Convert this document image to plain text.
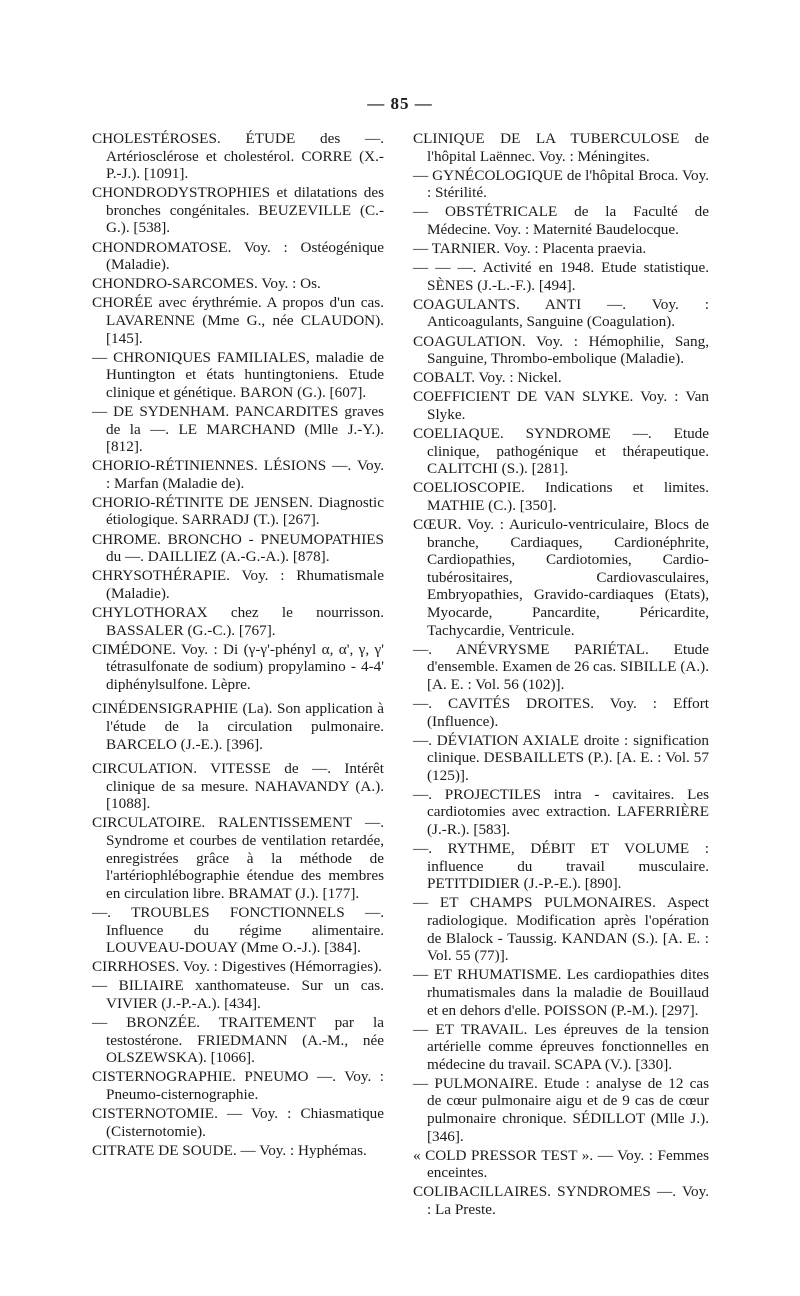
— 85 —

CHOLESTÉROSES. ÉTUDE des —. Artériosclérose et cholestérol. CORRE (X.-P.-J.). [1091].

CHONDRODYSTROPHIES et dilatations des bronches congénitales. BEUZEVILLE (C.-G.). [538].

CHONDROMATOSE. Voy. : Ostéogénique (Maladie).

CHONDRO-SARCOMES. Voy. : Os.

CHORÉE avec érythrémie. A propos d'un cas. LAVARENNE (Mme G., née CLAUDON). [145].

— CHRONIQUES FAMILIALES, maladie de Huntington et états huntingtoniens. Etude clinique et génétique. BARON (G.). [607].

— DE SYDENHAM. PANCARDITES graves de la —. LE MARCHAND (Mlle J.-Y.). [812].

CHORIO-RÉTINIENNES. LÉSIONS —. Voy. : Marfan (Maladie de).

CHORIO-RÉTINITE DE JENSEN. Diagnostic étiologique. SARRADJ (T.). [267].

CHROME. BRONCHO - PNEUMOPATHIES du —. DAILLIEZ (A.-G.-A.). [878].

CHRYSOTHÉRAPIE. Voy. : Rhumatismale (Maladie).

CHYLOTHORAX chez le nourrisson. BASSALER (G.-C.). [767].

CIMÉDONE. Voy. : Di (γ-γ'-phényl α, α', γ, γ' tétrasulfonate de sodium) propylamino - 4-4' diphénylsulfone. Lèpre.

CINÉDENSIGRAPHIE (La). Son application à l'étude de la circulation pulmonaire. BARCELO (J.-E.). [396].

CIRCULATION. VITESSE de —. Intérêt clinique de sa mesure. NAHAVANDY (A.). [1088].

CIRCULATOIRE. RALENTISSEMENT —. Syndrome et courbes de ventilation retardée, enregistrées grâce à la méthode de l'artériophlébographie étendue des membres en circulation libre. BRAMAT (J.). [177].

—. TROUBLES FONCTIONNELS —. Influence du régime alimentaire. LOUVEAU-DOUAY (Mme O.-J.). [384].

CIRRHOSES. Voy. : Digestives (Hémorragies).

— BILIAIRE xanthomateuse. Sur un cas. VIVIER (J.-P.-A.). [434].

— BRONZÉE. TRAITEMENT par la testostérone. FRIEDMANN (A.-M., née OLSZEWSKA). [1066].

CISTERNOGRAPHIE. PNEUMO —. Voy. : Pneumo-cisternographie.

CISTERNOTOMIE. — Voy. : Chiasmatique (Cisternotomie).

CITRATE DE SOUDE. — Voy. : Hyphémas.

CLINIQUE DE LA TUBERCULOSE de l'hôpital Laënnec. Voy. : Méningites.

— GYNÉCOLOGIQUE de l'hôpital Broca. Voy. : Stérilité.

— OBSTÉTRICALE de la Faculté de Médecine. Voy. : Maternité Baudelocque.

— TARNIER. Voy. : Placenta praevia.

— — —. Activité en 1948. Etude statistique. SÈNES (J.-L.-F.). [494].

COAGULANTS. ANTI —. Voy. : Anticoagulants, Sanguine (Coagulation).

COAGULATION. Voy. : Hémophilie, Sang, Sanguine, Thrombo-embolique (Maladie).

COBALT. Voy. : Nickel.

COEFFICIENT DE VAN SLYKE. Voy. : Van Slyke.

COELIAQUE. SYNDROME —. Etude clinique, pathogénique et thérapeutique. CALITCHI (S.). [281].

COELIOSCOPIE. Indications et limites. MATHIE (C.). [350].

CŒUR. Voy. : Auriculo-ventriculaire, Blocs de branche, Cardiaques, Cardionéphrite, Cardiopathies, Cardiotomies, Cardio-tubérositaires, Cardiovasculaires, Embryopathies, Gravido-cardiaques (Etats), Myocarde, Pancardite, Péricardite, Tachycardie, Ventricule.

—. ANÉVRYSME PARIÉTAL. Etude d'ensemble. Examen de 26 cas. SIBILLE (A.). [A. E. : Vol. 56 (102)].

—. CAVITÉS DROITES. Voy. : Effort (Influence).

—. DÉVIATION AXIALE droite : signification clinique. DESBAILLETS (P.). [A. E. : Vol. 57 (125)].

—. PROJECTILES intra - cavitaires. Les cardiotomies avec extraction. LAFERRIÈRE (J.-R.). [583].

—. RYTHME, DÉBIT ET VOLUME : influence du travail musculaire. PETITDIDIER (J.-P.-E.). [890].

— ET CHAMPS PULMONAIRES. Aspect radiologique. Modification après l'opération de Blalock - Taussig. KANDAN (S.). [A. E. : Vol. 55 (77)].

— ET RHUMATISME. Les cardiopathies dites rhumatismales dans la maladie de Bouillaud et en dehors d'elle. POISSON (P.-M.). [297].

— ET TRAVAIL. Les épreuves de la tension artérielle comme épreuves fonctionnelles en médecine du travail. SCAPA (V.). [330].

— PULMONAIRE. Etude : analyse de 12 cas de cœur pulmonaire aigu et de 9 cas de cœur pulmonaire chronique. SÉDILLOT (Mlle J.). [346].

« COLD PRESSOR TEST ». — Voy. : Femmes enceintes.

COLIBACILLAIRES. SYNDROMES —. Voy. : La Preste.
